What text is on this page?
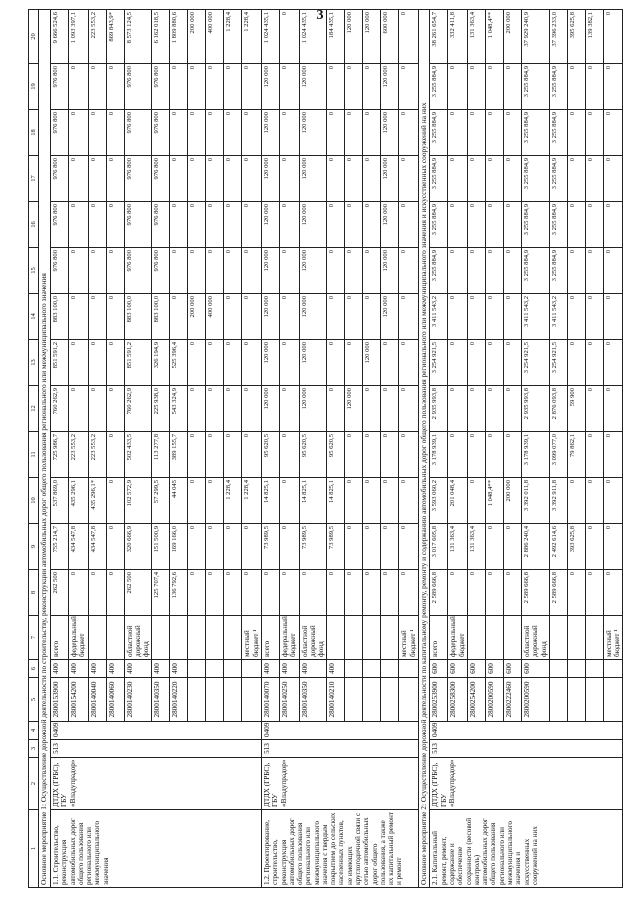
3
1	2	3	4	5	6	7	8	9	10	11	12	13	14	15	16	17	18	19	20
Основное мероприятие 1: Осуществление дорожной деятельности по строительству, реконструкции автомобильных дорог общего пользования регионального или межмуниципального значения																			
1.1. Строительство, реконструкция автомобильных дорог общего пользования регионального или межмуниципального значения	ДТДХ (ГРБС), ГБУ «Владупрадор»	513	0409	2800153900	400	всего	262 500	755 214,7	537 869,0	725 986,7	760 262,9	851 591,2	883 100,0	976 800	976 800	976 800	976 800	976 800	9 666 524,6
				2800154200	400	федеральный бюджет	0	434 547,8	435 296,1	223 553,2	0	0	0	0	0	0	0	0	1 093 397,1
				2800140040	400		0	434 547,8	435 296,1*	223 553,2	0	0	0	0	0	0	0	0	223 553,2
				2800140060	400		0	0	0	0	0	0	0	0	0	0	0	0	869 843,9*
				2800140230	400	областной дорожный фонд	262 500	320 666,9	102 572,9	502 433,5	760 262,9	851 591,2	883 100,0	976 800	976 800	976 800	976 800	976 800	8 573 124,5
				2800140350	400		125 707,4	151 500,9	57 299,5	113 277,8	225 938,0	326 194,9	883 100,0	976 800	976 800	976 800	976 800	976 800	6 162 018,5
				2800140220	400		136 792,6	169 166,0	44 045	389 155,7	543 324,9	525 396,4	0	0	0	0	0	0	1 809 880,6
							0	0	0	0	0	0	200 000	0	0	0	0	0	200 000
							0	0	0	0	0	0	400 000	0	0	0	0	0	400 000
							0	0	1 228,4	0	0	0	0	0	0	0	0	0	1 228,4
						местный бюджет ¹	0	0	1 228,4	0	0	0	0	0	0	0	0	0	1 228,4
1.2. Проектирование, строительство, реконструкция автомобильных дорог общего пользования регионального или межмуниципального значения с твердым покрытием до сельских населенных пунктов, не имеющих круглогодичной связи с сетью автомобильных дорог общего пользования, а также их капитальный ремонт и ремонт	ДТДХ (ГРБС), ГБУ «Владупрадор»	513	0409	2800140070	400	всего	0	73 989,5	14 825,1	95 620,5	120 000	120 000	120 000	120 000	120 000	120 000	120 000	120 000	1 024 435,1
				2800140250	400	федеральный бюджет	0	0	0	0	0	0	0	0	0	0	0	0	0
				2800140350	400	областной дорожный фонд	0	73 989,5	14 825,1	95 620,5	120 000	120 000	120 000	120 000	120 000	120 000	120 000	120 000	1 024 435,1
				2800140210	400		0	73 989,5	14 825,1	95 620,5	0	0	0	0	0	0	0	0	184 435,1
							0	0	0	0	120 000	0	0	0	0	0	0	0	120 000
							0	0	0	0	0	120 000	0	0	0	0	0	0	120 000
							0	0	0	0	0	0	120 000	120 000	120 000	120 000	120 000	120 000	600 000
						местный бюджет ¹	0	0	0	0	0	0	0	0	0	0	0	0	0
Основное мероприятие 2: Осуществление дорожной деятельности по капитальному ремонту, ремонту и содержанию автомобильных дорог общего пользования регионального или межмуниципального значения и искусственных сооружений на них																			
2.1. Капитальный ремонт, ремонт, содержание и обеспечение сохранности (весовой контроль) автомобильных дорог общего пользования регионального или межмуниципального значения и искусственных сооружений на них	ДТДХ (ГРБС), ГБУ «Владупрадор»	513	0409	2800253900	600	всего	2 589 666,8	3 017 605,8	3 593 060,2	3 178 939,1	2 935 993,8	3 254 921,5	3 411 543,2	3 255 884,9	3 255 884,9	3 255 884,9	3 255 884,9	3 255 884,9	38 261 654,7
				2800258300	600	федеральный бюджет	0	131 363,4	201 048,4	0	0	0	0	0	0	0	0	0	332 411,8
				2800254200	600		0	131 363,4	0	0	0	0	0	0	0	0	0	0	131 363,4
				2800200590	600		0	0	1 048,4**	0	0	0	0	0	0	0	0	0	1 048,4**
				2800222460	600		0	0	200 000	0	0	0	0	0	0	0	0	0	200 000
				2800200590	600	областной дорожный фонд	2 589 666,8	2 886 240,4	3 392 011,8	3 178 939,1	2 935 993,8	3 254 921,5	3 411 543,2	3 255 884,9	3 255 884,9	3 255 884,9	3 255 884,9	3 255 884,9	37 929 240,9
							2 589 666,8	2 492 614,6	3 392 911,8	3 099 077,0	2 876 093,8	3 254 921,5	3 411 543,2	3 255 884,9	3 255 884,9	3 255 884,9	3 255 884,9	3 255 884,9	37 396 233,0
							0	393 625,8	0	79 862,1	59 900	0	0	0	0	0	0	0	395 625,8
							0	0	0	0	0	0	0	0	0	0	0	0	139 382,1
						местный бюджет ¹	0	0	0	0	0	0	0	0	0	0	0	0	0
